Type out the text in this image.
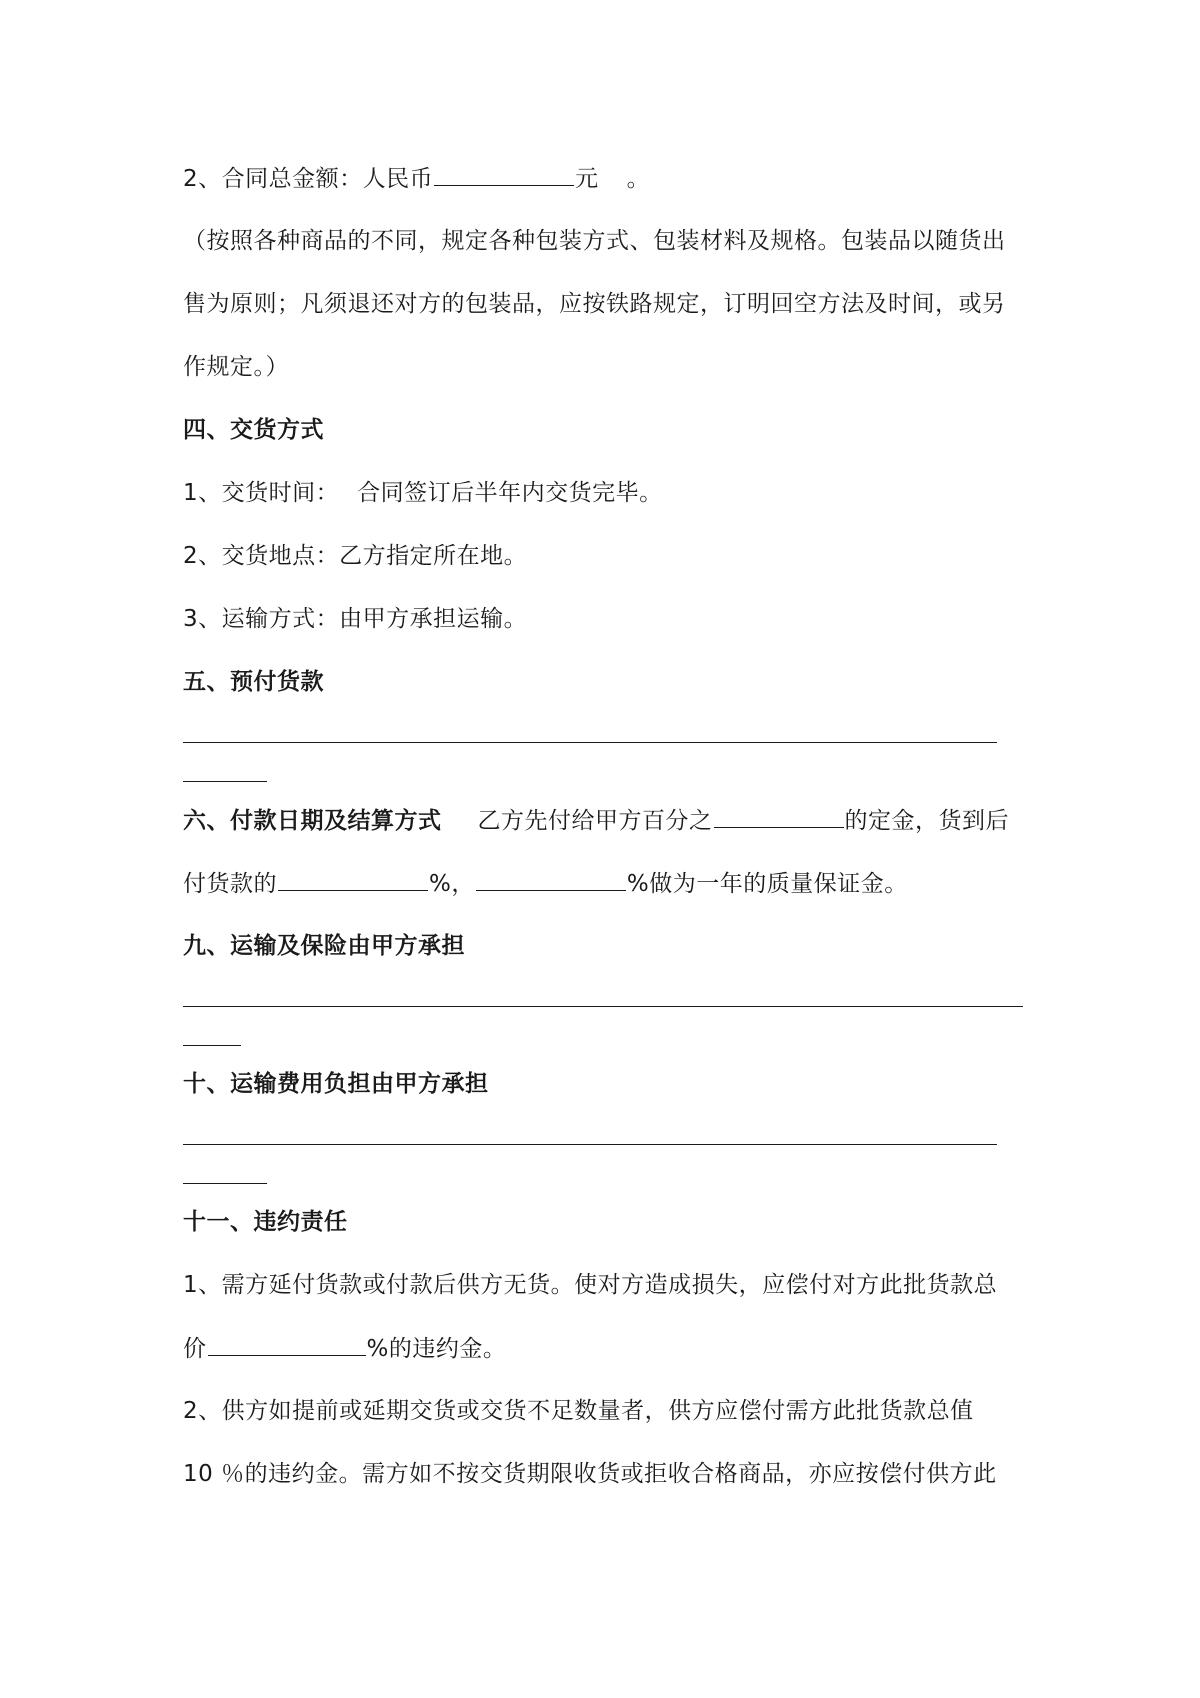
2、合同总金额：人民币	元 。
（按照各种商品的不同，规定各种包装方式、包装材料及规格。包装品以随货出
售为原则；凡须退还对方的包装品，应按铁路规定，订明回空方法及时间，或另
作规定。）
四、交货方式
1、交货时间： 合同签订后半年内交货完毕。
2、交货地点：乙方指定所在地。
3、运输方式：由甲方承担运输。
五、预付货款
六、付款日期及结算方式 乙方先付给甲方百分之	的定金，货到后
付货款的	%，	%做为一年的质量保证金。
九、运输及保险由甲方承担
十、运输费用负担由甲方承担
十一、违约责任
1、需方延付货款或付款后供方无货。使对方造成损失，应偿付对方此批货款总
价	%的违约金。
2、供方如提前或延期交货或交货不足数量者，供方应偿付需方此批货款总值
10 ％的违约金。需方如不按交货期限收货或拒收合格商品，亦应按偿付供方此
